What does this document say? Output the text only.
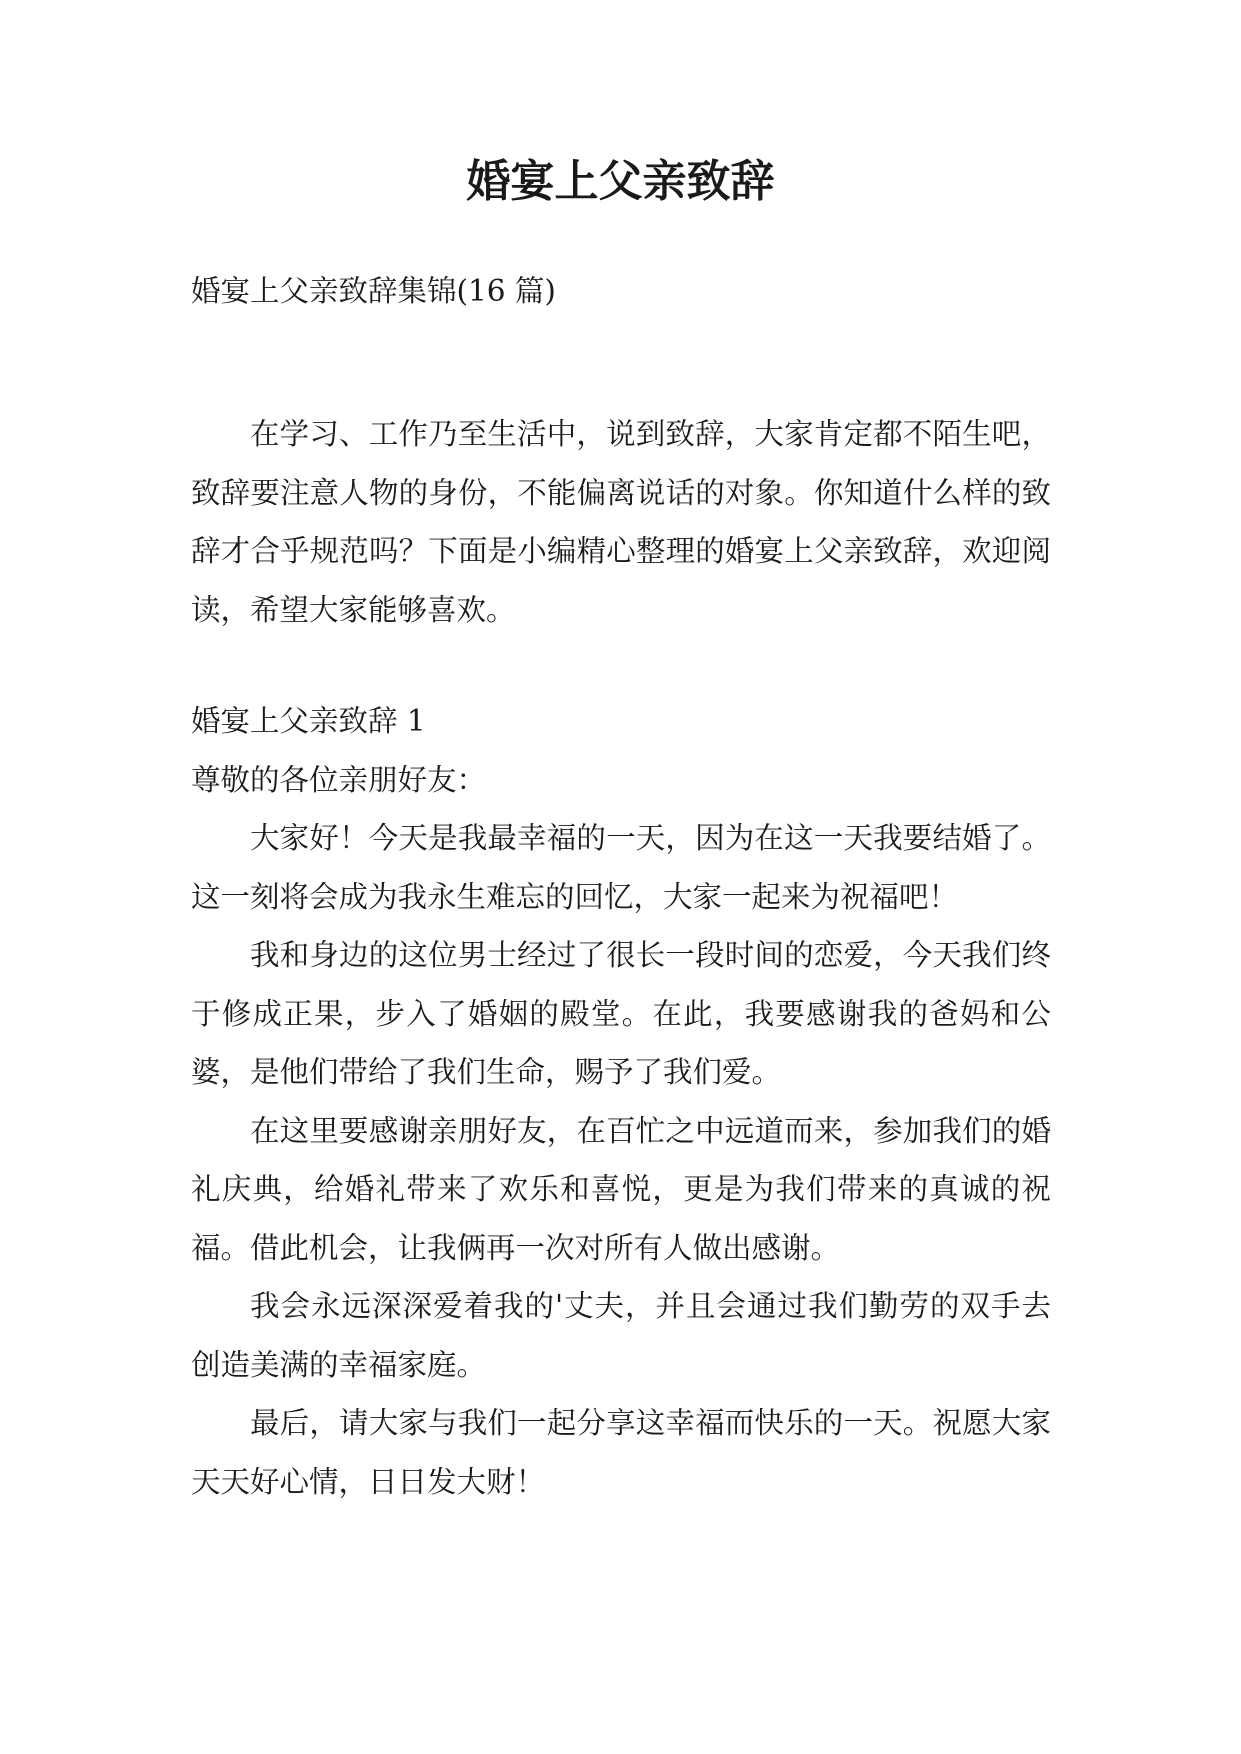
婚宴上父亲致辞

婚宴上父亲致辞集锦(16 篇)

在学习、工作乃至生活中，说到致辞，大家肯定都不陌生吧，致辞要注意人物的身份，不能偏离说话的对象。你知道什么样的致辞才合乎规范吗？下面是小编精心整理的婚宴上父亲致辞，欢迎阅读，希望大家能够喜欢。

婚宴上父亲致辞 1

尊敬的各位亲朋好友：

大家好！今天是我最幸福的一天，因为在这一天我要结婚了。这一刻将会成为我永生难忘的回忆，大家一起来为祝福吧！

我和身边的这位男士经过了很长一段时间的恋爱，今天我们终于修成正果，步入了婚姻的殿堂。在此，我要感谢我的爸妈和公婆，是他们带给了我们生命，赐予了我们爱。

在这里要感谢亲朋好友，在百忙之中远道而来，参加我们的婚礼庆典，给婚礼带来了欢乐和喜悦，更是为我们带来的真诚的祝福。借此机会，让我俩再一次对所有人做出感谢。

我会永远深深爱着我的'丈夫，并且会通过我们勤劳的双手去创造美满的幸福家庭。

最后，请大家与我们一起分享这幸福而快乐的一天。祝愿大家天天好心情，日日发大财！
